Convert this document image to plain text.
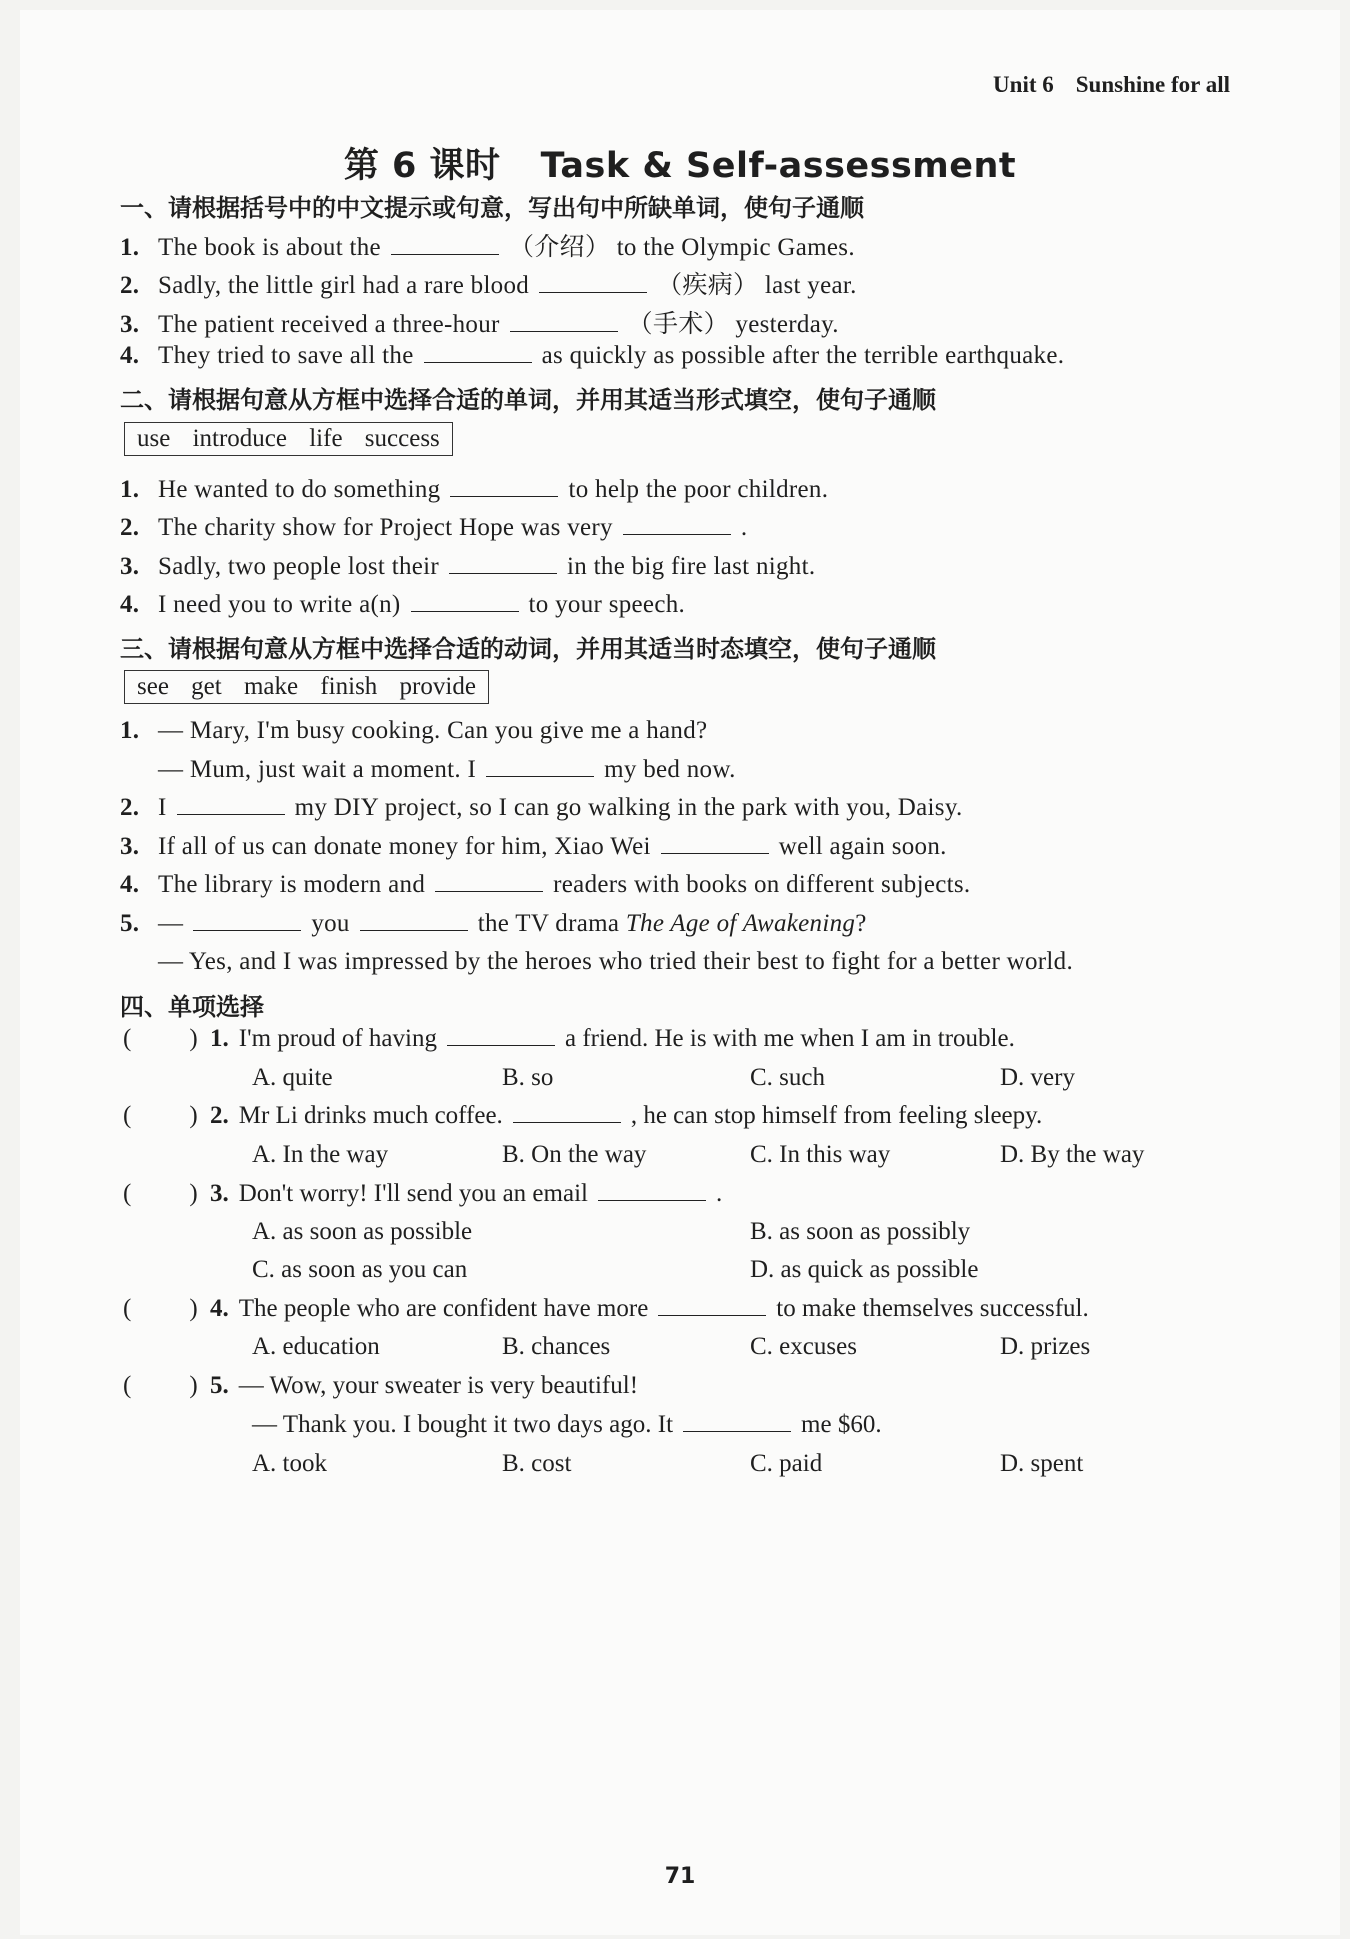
Unit 6 Sunshine for all
第 6 课时 Task & Self-assessment
一、请根据括号中的中文提示或句意，写出句中所缺单词，使句子通顺
1. The book is about the	（介绍） to the Olympic Games.
2. Sadly, the little girl had a rare blood	（疾病） last year.
3. The patient received a three-hour	（手术） yesterday.
4. They tried to save all the	as quickly as possible after the terrible earthquake.
二、请根据句意从方框中选择合适的单词，并用其适当形式填空，使句子通顺
use introduce life success
1. He wanted to do something	to help the poor children.
2. The charity show for Project Hope was very	.
3. Sadly, two people lost their	in the big fire last night.
4. I need you to write a(n)	to your speech.
三、请根据句意从方框中选择合适的动词，并用其适当时态填空，使句子通顺
see get make finish provide
1. — Mary, I'm busy cooking. Can you give me a hand?
— Mum, just wait a moment. I	my bed now.
2. I	my DIY project, so I can go walking in the park with you, Daisy.
3. If all of us can donate money for him, Xiao Wei	well again soon.
4. The library is modern and	readers with books on different subjects.
5. —	you	the TV drama The Age of Awakening?
— Yes, and I was impressed by the heroes who tried their best to fight for a better world.
四、单项选择
( ) 1. I'm proud of having	a friend. He is with me when I am in trouble.
A. quite	B. so	C. such	D. very
( ) 2. Mr Li drinks much coffee.	, he can stop himself from feeling sleepy.
A. In the way	B. On the way	C. In this way	D. By the way
( ) 3. Don't worry! I'll send you an email	.
A. as soon as possible	B. as soon as possibly
C. as soon as you can	D. as quick as possible
( ) 4. The people who are confident have more	to make themselves successful.
A. education	B. chances	C. excuses	D. prizes
( ) 5. — Wow, your sweater is very beautiful!
— Thank you. I bought it two days ago. It	me $60.
A. took	B. cost	C. paid	D. spent
71
